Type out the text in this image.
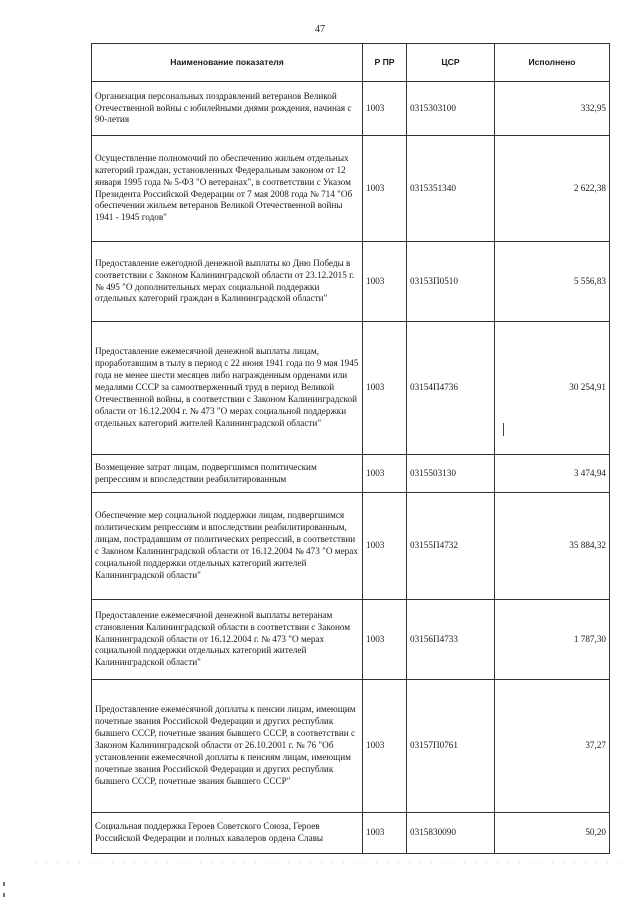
47
Наименование показателя	Р ПР	ЦСР	Исполнено
Организация персональных поздравлений ветеранов Великой Отечественной войны с юбилейными днями рождения, начиная с 90-летия	1003	0315303100	332,95
Осуществление полномочий по обеспечению жильем отдельных категорий граждан, установленных Федеральным законом от 12 января 1995 года № 5-ФЗ "О ветеранах", в соответствии с Указом Президента Российской Федерации от 7 мая 2008 года № 714 "Об обеспечении жильем ветеранов Великой Отечественной войны 1941 - 1945 годов"	1003	0315351340	2 622,38
Предоставление ежегодной денежной выплаты ко Дню Победы в соответствии с Законом Калининградской области от 23.12.2015 г. № 495 "О дополнительных мерах социальной поддержки отдельных категорий граждан в Калининградской области"	1003	03153П0510	5 556,83
Предоставление ежемесячной денежной выплаты лицам, проработавшим в тылу в период с 22 июня 1941 года по 9 мая 1945 года не менее шести месяцев либо награжденным орденами или медалями СССР за самоотверженный труд в период Великой Отечественной войны, в соответствии с Законом Калининградской области от 16.12.2004 г. № 473 "О мерах социальной поддержки отдельных категорий жителей Калининградской области"	1003	03154П4736	30 254,91
Возмещение затрат лицам, подвергшимся политическим репрессиям и впоследствии реабилитированным	1003	0315503130	3 474,94
Обеспечение мер социальной поддержки лицам, подвергшимся политическим репрессиям и впоследствии реабилитированным, лицам, пострадавшим от политических репрессий, в соответствии с Законом Калининградской области от 16.12.2004 № 473 "О мерах социальной поддержки отдельных категорий жителей Калининградской области"	1003	03155П4732	35 884,32
Предоставление ежемесячной денежной выплаты ветеранам становления Калининградской области в соответствии с Законом Калининградской области от 16.12.2004 г. № 473 "О мерах социальной поддержки отдельных категорий жителей Калининградской области"	1003	03156П4733	1 787,30
Предоставление ежемесячной доплаты к пенсии лицам, имеющим почетные звания Российской Федерации и других республик бывшего СССР, почетные звания бывшего СССР, в соответствии с Законом Калининградской области от 26.10.2001 г. № 76 "Об установлении ежемесячной доплаты к пенсиям лицам, имеющим почетные звания Российской Федерации и других республик бывшего СССР, почетные звания бывшего СССР"	1003	03157П0761	37,27
Социальная поддержка Героев Советского Союза, Героев Российской Федерации и полных кавалеров ордена Славы	1003	0315830090	50,20
